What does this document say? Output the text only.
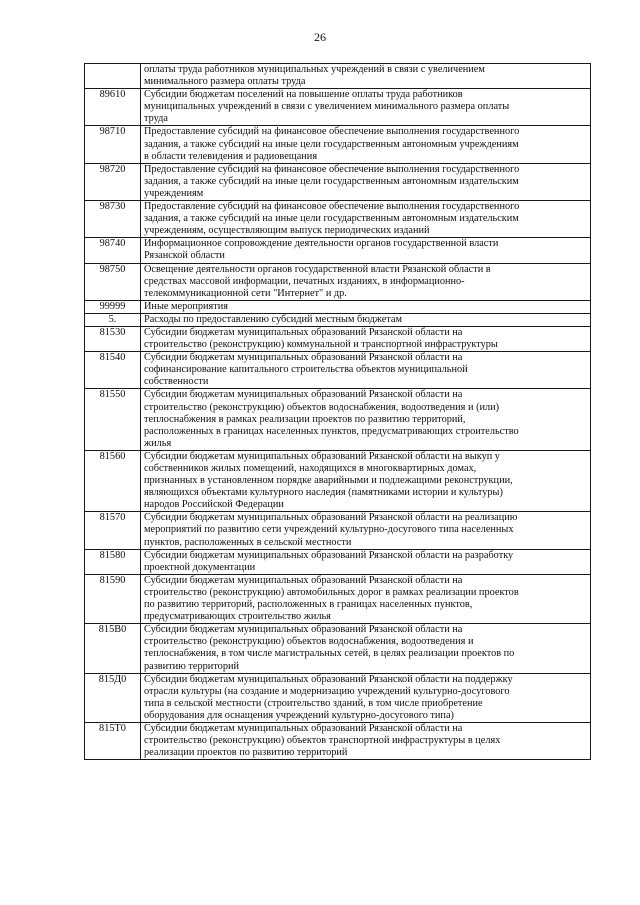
26
	оплаты труда работников муниципальных учреждений в связи с увеличением
минимального размера оплаты труда
89610	Субсидии бюджетам поселений на повышение оплаты труда работников
муниципальных учреждений в связи с увеличением минимального размера оплаты
труда
98710	Предоставление субсидий на финансовое обеспечение выполнения государственного
задания, а также субсидий на иные цели государственным автономным учреждениям
в области телевидения и радиовещания
98720	Предоставление субсидий на финансовое обеспечение выполнения государственного
задания, а также субсидий на иные цели государственным автономным издательским
учреждениям
98730	Предоставление субсидий на финансовое обеспечение выполнения государственного
задания, а также субсидий на иные цели государственным автономным издательским
учреждениям, осуществляющим выпуск периодических изданий
98740	Информационное сопровождение деятельности органов государственной власти
Рязанской области
98750	Освещение деятельности органов государственной власти Рязанской области в
средствах массовой информации, печатных изданиях, в информационно-
телекоммуникационной сети "Интернет" и др.
99999	Иные мероприятия
5.	Расходы по предоставлению субсидий местным бюджетам
81530	Субсидии бюджетам муниципальных образований Рязанской области на
строительство (реконструкцию) коммунальной и транспортной инфраструктуры
81540	Субсидии бюджетам муниципальных образований Рязанской области на
софинансирование капитального строительства объектов муниципальной
собственности
81550	Субсидии бюджетам муниципальных образований Рязанской области на
строительство (реконструкцию) объектов водоснабжения, водоотведения и (или)
теплоснабжения в рамках реализации проектов по развитию территорий,
расположенных в границах населенных пунктов, предусматривающих строительство
жилья
81560	Субсидии бюджетам муниципальных образований Рязанской области на выкуп у
собственников жилых помещений, находящихся в многоквартирных домах,
признанных в установленном порядке аварийными и подлежащими реконструкции,
являющихся объектами культурного наследия (памятниками истории и культуры)
народов Российской Федерации
81570	Субсидии бюджетам муниципальных образований Рязанской области на реализацию
мероприятий по развитию сети учреждений культурно-досугового типа населенных
пунктов, расположенных в сельской местности
81580	Субсидии бюджетам муниципальных образований Рязанской области на разработку
проектной документации
81590	Субсидии бюджетам муниципальных образований Рязанской области на
строительство (реконструкцию) автомобильных дорог в рамках реализации проектов
по развитию территорий, расположенных в границах населенных пунктов,
предусматривающих строительство жилья
815В0	Субсидии бюджетам муниципальных образований Рязанской области на
строительство (реконструкцию) объектов водоснабжения, водоотведения и
теплоснабжения, в том числе магистральных сетей, в целях реализации проектов по
развитию территорий
815Д0	Субсидии бюджетам муниципальных образований Рязанской области на поддержку
отрасли культуры (на создание и модернизацию учреждений культурно-досугового
типа в сельской местности (строительство зданий, в том числе приобретение
оборудования для оснащения учреждений культурно-досугового типа)
815Т0	Субсидии бюджетам муниципальных образований Рязанской области на
строительство (реконструкцию) объектов транспортной инфраструктуры в целях
реализации проектов по развитию территорий
